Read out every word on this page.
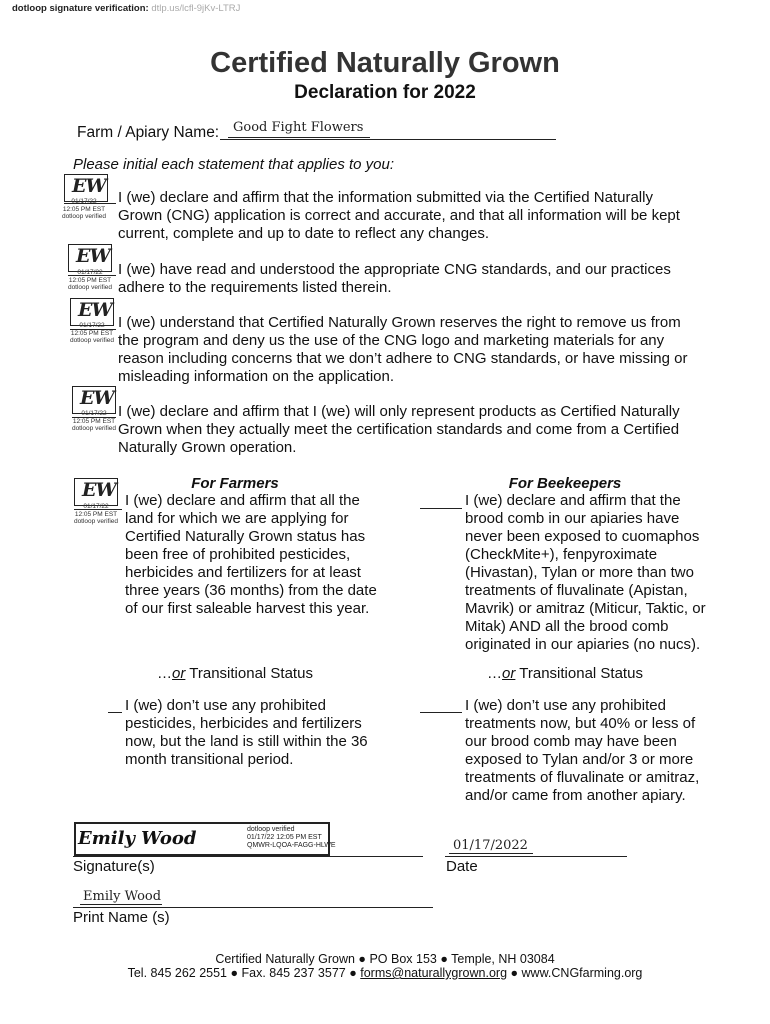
dotloop signature verification: dtlp.us/lcfl-9jKv-LTRJ
Certified Naturally Grown
Declaration for 2022
Farm / Apiary Name: Good Fight Flowers
Please initial each statement that applies to you:
EW
01/17/22
12:05 PM EST
dotloop verified
I (we) declare and affirm that the information submitted via the Certified Naturally
Grown (CNG) application is correct and accurate, and that all information will be kept
current, complete and up to date to reflect any changes.
EW
01/17/22
12:05 PM EST
dotloop verified
I (we) have read and understood the appropriate CNG standards, and our practices
adhere to the requirements listed therein.
EW
01/17/22
12:05 PM EST
dotloop verified
I (we) understand that Certified Naturally Grown reserves the right to remove us from
the program and deny us the use of the CNG logo and marketing materials for any
reason including concerns that we don’t adhere to CNG standards, or have missing or
misleading information on the application.
EW
01/17/22
12:05 PM EST
dotloop verified
I (we) declare and affirm that I (we) will only represent products as Certified Naturally
Grown when they actually meet the certification standards and come from a Certified
Naturally Grown operation.
For Farmers
EW
01/17/22
12:05 PM EST
dotloop verified
I (we) declare and affirm that all the
land for which we are applying for
Certified Naturally Grown status has
been free of prohibited pesticides,
herbicides and fertilizers for at least
three years (36 months) from the date
of our first saleable harvest this year.
…or Transitional Status
I (we) don’t use any prohibited
pesticides, herbicides and fertilizers
now, but the land is still within the 36
month transitional period.
For Beekeepers
I (we) declare and affirm that the
brood comb in our apiaries have
never been exposed to cuomaphos
(CheckMite+), fenpyroximate
(Hivastan), Tylan or more than two
treatments of fluvalinate (Apistan,
Mavrik) or amitraz (Miticur, Taktic, or
Mitak) AND all the brood comb
originated in our apiaries (no nucs).
…or Transitional Status
I (we) don’t use any prohibited
treatments now, but 40% or less of
our brood comb may have been
exposed to Tylan and/or 3 or more
treatments of fluvalinate or amitraz,
and/or came from another apiary.
Emily Wood	dotloop verified
01/17/22 12:05 PM EST
QMWR-LQOA-FAGG-HLWE
Signature(s)
01/17/2022
Date
Emily Wood
Print Name (s)
Certified Naturally Grown ● PO Box 153 ● Temple, NH 03084
Tel. 845 262 2551 ● Fax. 845 237 3577 ● forms@naturallygrown.org ● www.CNGfarming.org
